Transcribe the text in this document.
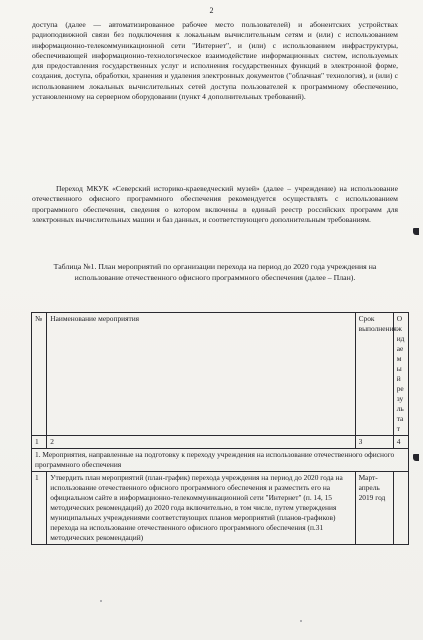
2

доступа (далее — автоматизированное рабочее место пользователей) и абонентских устройствах радиоподвижной связи без подключения к локальным вычислительным сетям и (или) с использованием информационно-телекоммуникационной сети "Интернет", и (или) с использованием инфраструктуры, обеспечивающей информационно-технологическое взаимодействие информационных систем, используемых для предоставления государственных услуг и исполнения государственных функций в электронной форме, создания, доступа, обработки, хранения и удаления электронных документов ("облачная" технология), и (или) с использованием локальных вычислительных сетей доступа пользователей к программному обеспечению, установленному на серверном оборудовании (пункт 4 дополнительных требований).

Переход МКУК «Северский историко-краеведческий музей» (далее – учреждение) на использование отечественного офисного программного обеспечения рекомендуется осуществлять с использованием программного обеспечения, сведения о котором включены в единый реестр российских программ для электронных вычислительных машин и баз данных, и соответствующего дополнительным требованиям.

Таблица №1. План мероприятий по организации перехода на период до 2020 года учреждения на использование отечественного офисного программного обеспечения (далее – План).

№	Наименование мероприятия	Срок выполнения	Ожидаемый результат
1	2	3	4
1. Мероприятия, направленные на подготовку к переходу учреждения на использование отечественного офисного программного обеспечения			
1	Утвердить план мероприятий (план-график) перехода учреждения на период до 2020 года на использование отечественного офисного программного обеспечения и разместить его на официальном сайте в информационно-телекоммуникационной сети "Интернет" (п. 14, 15 методических рекомендаций) до 2020 года включительно, в том числе, путем утверждения муниципальных учреждениями соответствующих планов мероприятий (планов-графиков) перехода на использование отечественного офисного программного обеспечения (п.31 методических рекомендаций)	Март-апрель 2019 год	
